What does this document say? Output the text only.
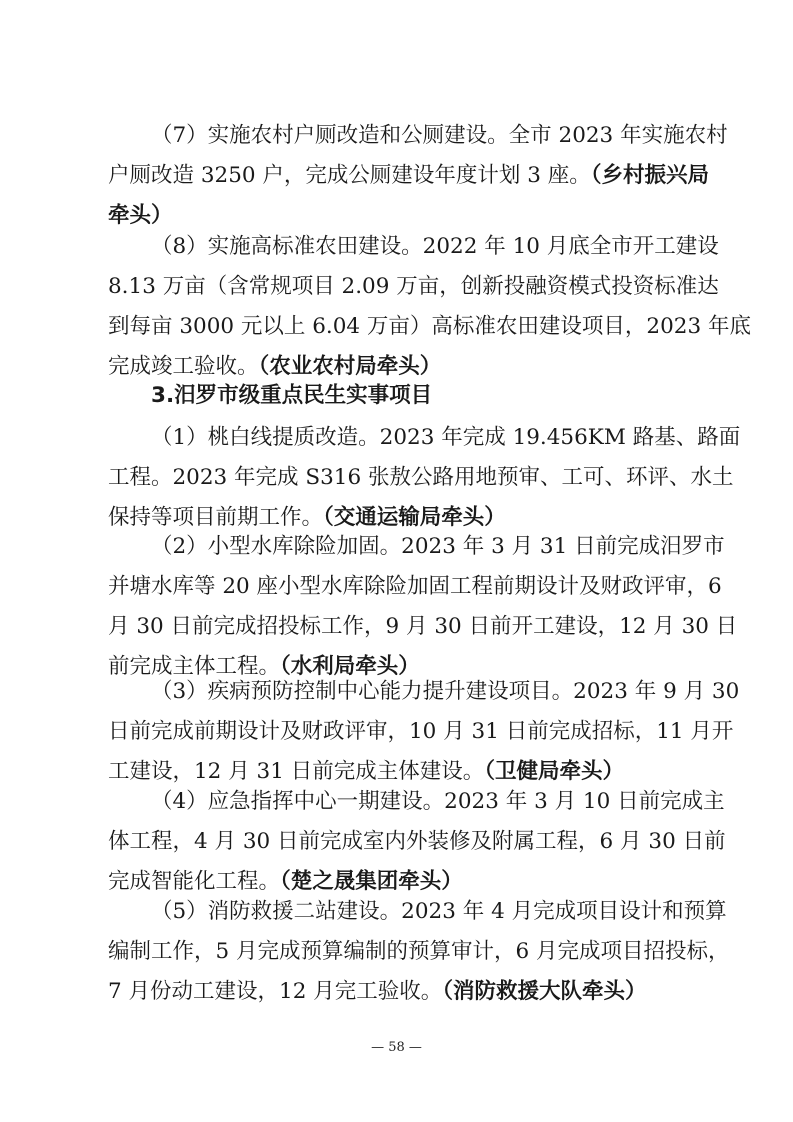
（7）实施农村户厕改造和公厕建设。全市 2023 年实施农村
户厕改造 3250 户，完成公厕建设年度计划 3 座。（乡村振兴局
牵头）
（8）实施高标准农田建设。2022 年 10 月底全市开工建设
8.13 万亩（含常规项目 2.09 万亩，创新投融资模式投资标准达
到每亩 3000 元以上 6.04 万亩）高标准农田建设项目，2023 年底
完成竣工验收。（农业农村局牵头）
3.汨罗市级重点民生实事项目
（1）桃白线提质改造。2023 年完成 19.456KM 路基、路面
工程。2023 年完成 S316 张敖公路用地预审、工可、环评、水土
保持等项目前期工作。（交通运输局牵头）
（2）小型水库除险加固。2023 年 3 月 31 日前完成汨罗市
并塘水库等 20 座小型水库除险加固工程前期设计及财政评审，6
月 30 日前完成招投标工作，9 月 30 日前开工建设，12 月 30 日
前完成主体工程。（水利局牵头）
（3）疾病预防控制中心能力提升建设项目。2023 年 9 月 30
日前完成前期设计及财政评审，10 月 31 日前完成招标，11 月开
工建设，12 月 31 日前完成主体建设。（卫健局牵头）
（4）应急指挥中心一期建设。2023 年 3 月 10 日前完成主
体工程，4 月 30 日前完成室内外装修及附属工程，6 月 30 日前
完成智能化工程。（楚之晟集团牵头）
（5）消防救援二站建设。2023 年 4 月完成项目设计和预算
编制工作，5 月完成预算编制的预算审计，6 月完成项目招投标，
7 月份动工建设，12 月完工验收。（消防救援大队牵头）
— 58 —
